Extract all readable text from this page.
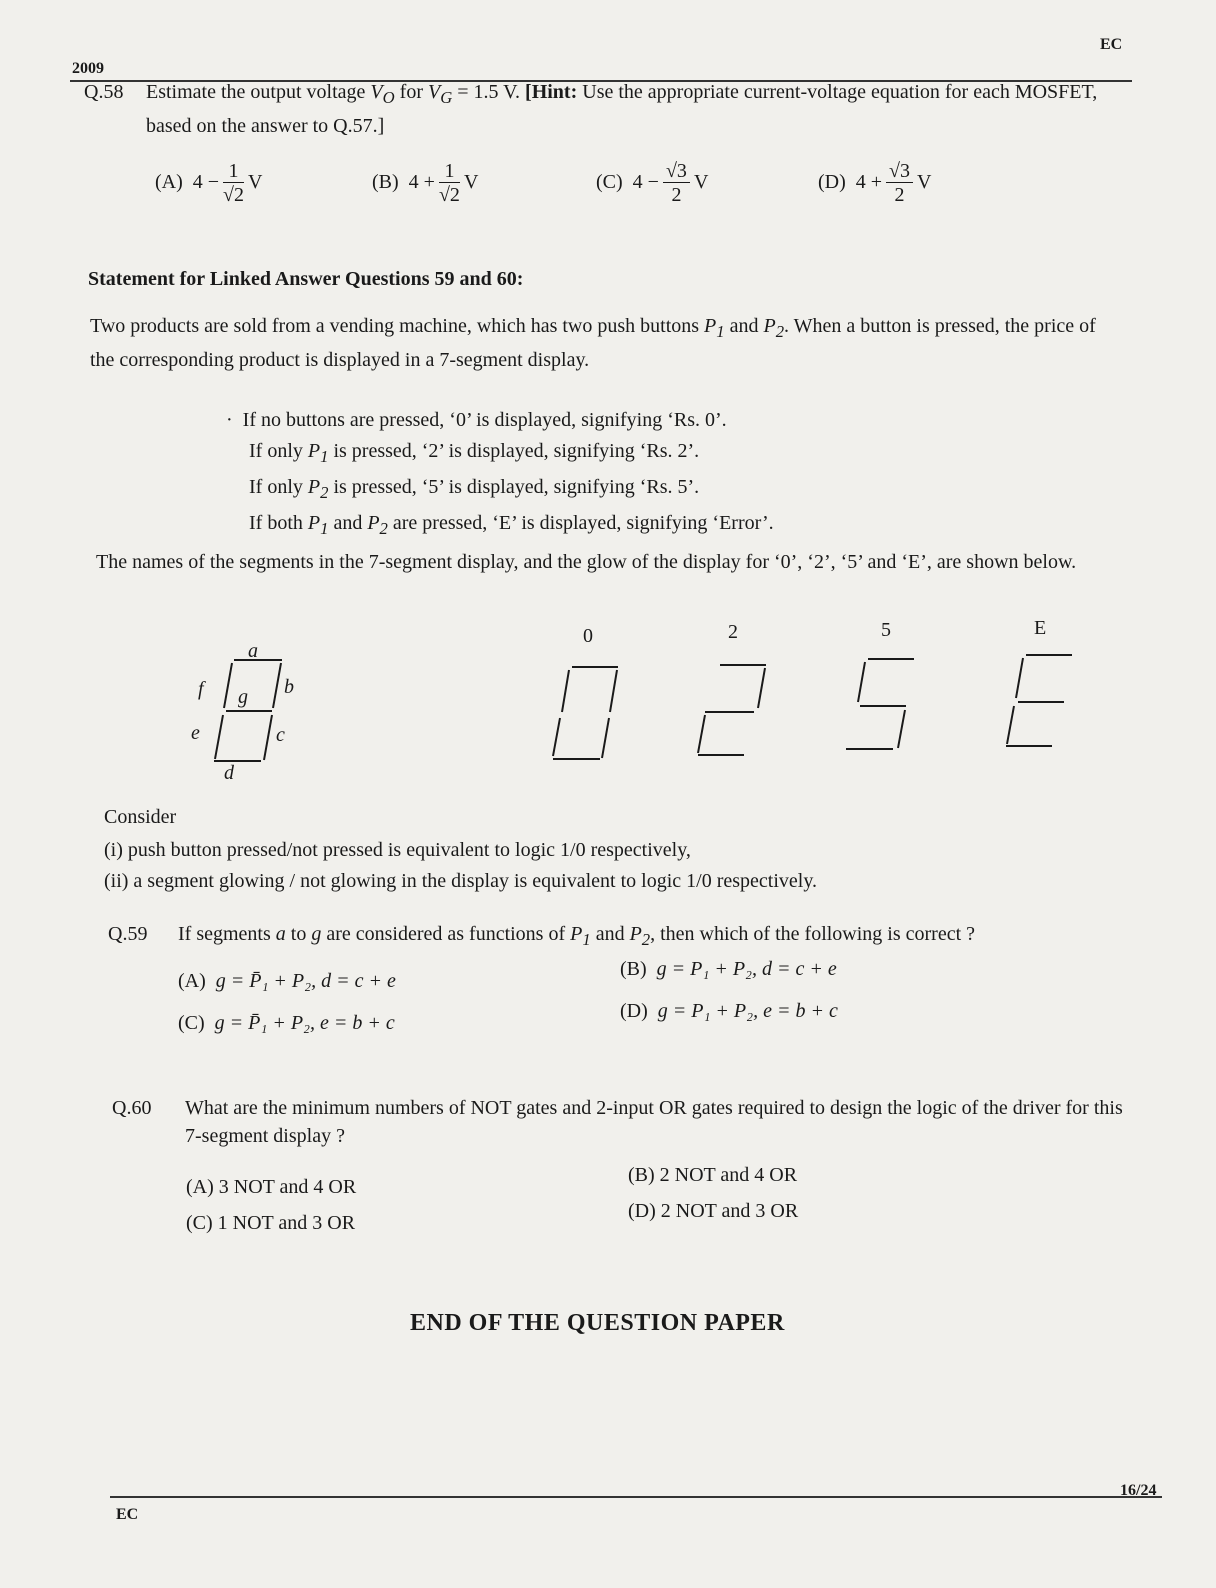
EC
2009
Q.58 Estimate the output voltage $V_O$ for $V_G = 1.5$ V. [Hint: Use the appropriate current-voltage equation for each MOSFET, based on the answer to Q.57.]
(A) $4 - \frac{1}{√2}$ V	(B) $4 + \frac{1}{√2}$ V	(C) $4 - \frac{√3}{2}$ V	(D) $4 + \frac{√3}{2}$ V
Statement for Linked Answer Questions 59 and 60:
Two products are sold from a vending machine, which has two push buttons $P_1$ and $P_2$. When a button is pressed, the price of the corresponding product is displayed in a 7-segment display.
· If no buttons are pressed, ‘0’ is displayed, signifying ‘Rs. 0’.
If only $P_1$ is pressed, ‘2’ is displayed, signifying ‘Rs. 2’.
If only $P_2$ is pressed, ‘5’ is displayed, signifying ‘Rs. 5’.
If both $P_1$ and $P_2$ are pressed, ‘E’ is displayed, signifying ‘Error’.
The names of the segments in the 7-segment display, and the glow of the display for ‘0’, ‘2’, ‘5’ and ‘E’, are shown below.
a
b
c
d
e
f g
0	2	5	E
Consider
(i) push button pressed/not pressed is equivalent to logic 1/0 respectively,
(ii) a segment glowing / not glowing in the display is equivalent to logic 1/0 respectively.
Q.59 If segments a to g are considered as functions of $P_1$ and $P_2$, then which of the following is correct ?
(A) g = P̄₁ + P₂, d = c + e
(B) g = P₁ + P₂, d = c + e
(C) g = P̄₁ + P₂, e = b + c
(D) g = P₁ + P₂, e = b + c
Q.60 What are the minimum numbers of NOT gates and 2-input OR gates required to design the logic of the driver for this 7-segment display ?
(A) 3 NOT and 4 OR
(B) 2 NOT and 4 OR
(C) 1 NOT and 3 OR
(D) 2 NOT and 3 OR
END OF THE QUESTION PAPER
EC
16/24
